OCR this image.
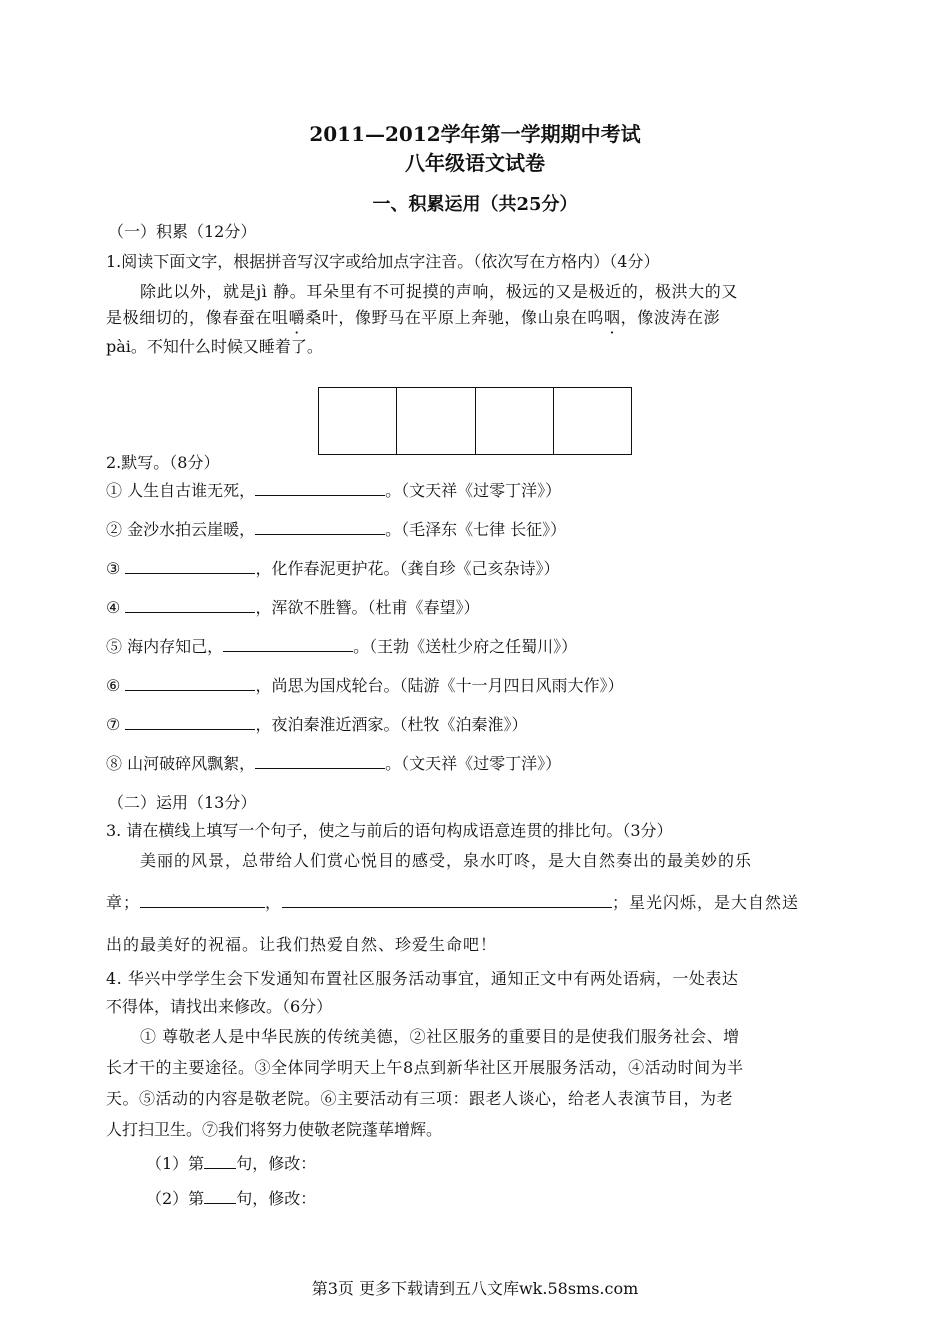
2011—2012学年第一学期期中考试
八年级语文试卷
一、积累运用（共25分）
（一）积累（12分）
1.阅读下面文字，根据拼音写汉字或给加点字注音。（依次写在方格内）（4分）
除此以外，就是jì 静。耳朵里有不可捉摸的声响，极远的又是极近的，极洪大的又
是极细切的，像春蚕在咀嚼桑叶，像野马在平原上奔驰，像山泉在呜咽，像波涛在澎
pài。不知什么时候又睡着了。
2.默写。（8分）
① 人生自古谁无死，	。（文天祥《过零丁洋》）
② 金沙水拍云崖暖，	。（毛泽东《七律 长征》）
③	，化作春泥更护花。（龚自珍《己亥杂诗》）
④	，浑欲不胜簪。（杜甫《春望》）
⑤ 海内存知己，	。（王勃《送杜少府之任蜀川》）
⑥	，尚思为国戍轮台。（陆游《十一月四日风雨大作》）
⑦	，夜泊秦淮近酒家。（杜牧《泊秦淮》）
⑧ 山河破碎风飘絮，	。（文天祥《过零丁洋》）
（二）运用（13分）
3. 请在横线上填写一个句子，使之与前后的语句构成语意连贯的排比句。（3分）
美丽的风景，总带给人们赏心悦目的感受，泉水叮咚，是大自然奏出的最美妙的乐
章；	，	；星光闪烁，是大自然送
出的最美好的祝福。让我们热爱自然、珍爱生命吧！
4. 华兴中学学生会下发通知布置社区服务活动事宜，通知正文中有两处语病，一处表达
不得体，请找出来修改。（6分）
① 尊敬老人是中华民族的传统美德，②社区服务的重要目的是使我们服务社会、增
长才干的主要途径。③全体同学明天上午8点到新华社区开展服务活动，④活动时间为半
天。⑤活动的内容是敬老院。⑥主要活动有三项：跟老人谈心，给老人表演节目，为老
人打扫卫生。⑦我们将努力使敬老院蓬荜增辉。
（1）第 句，修改：
（2）第 句，修改：
第3页 更多下载请到五八文库wk.58sms.com
